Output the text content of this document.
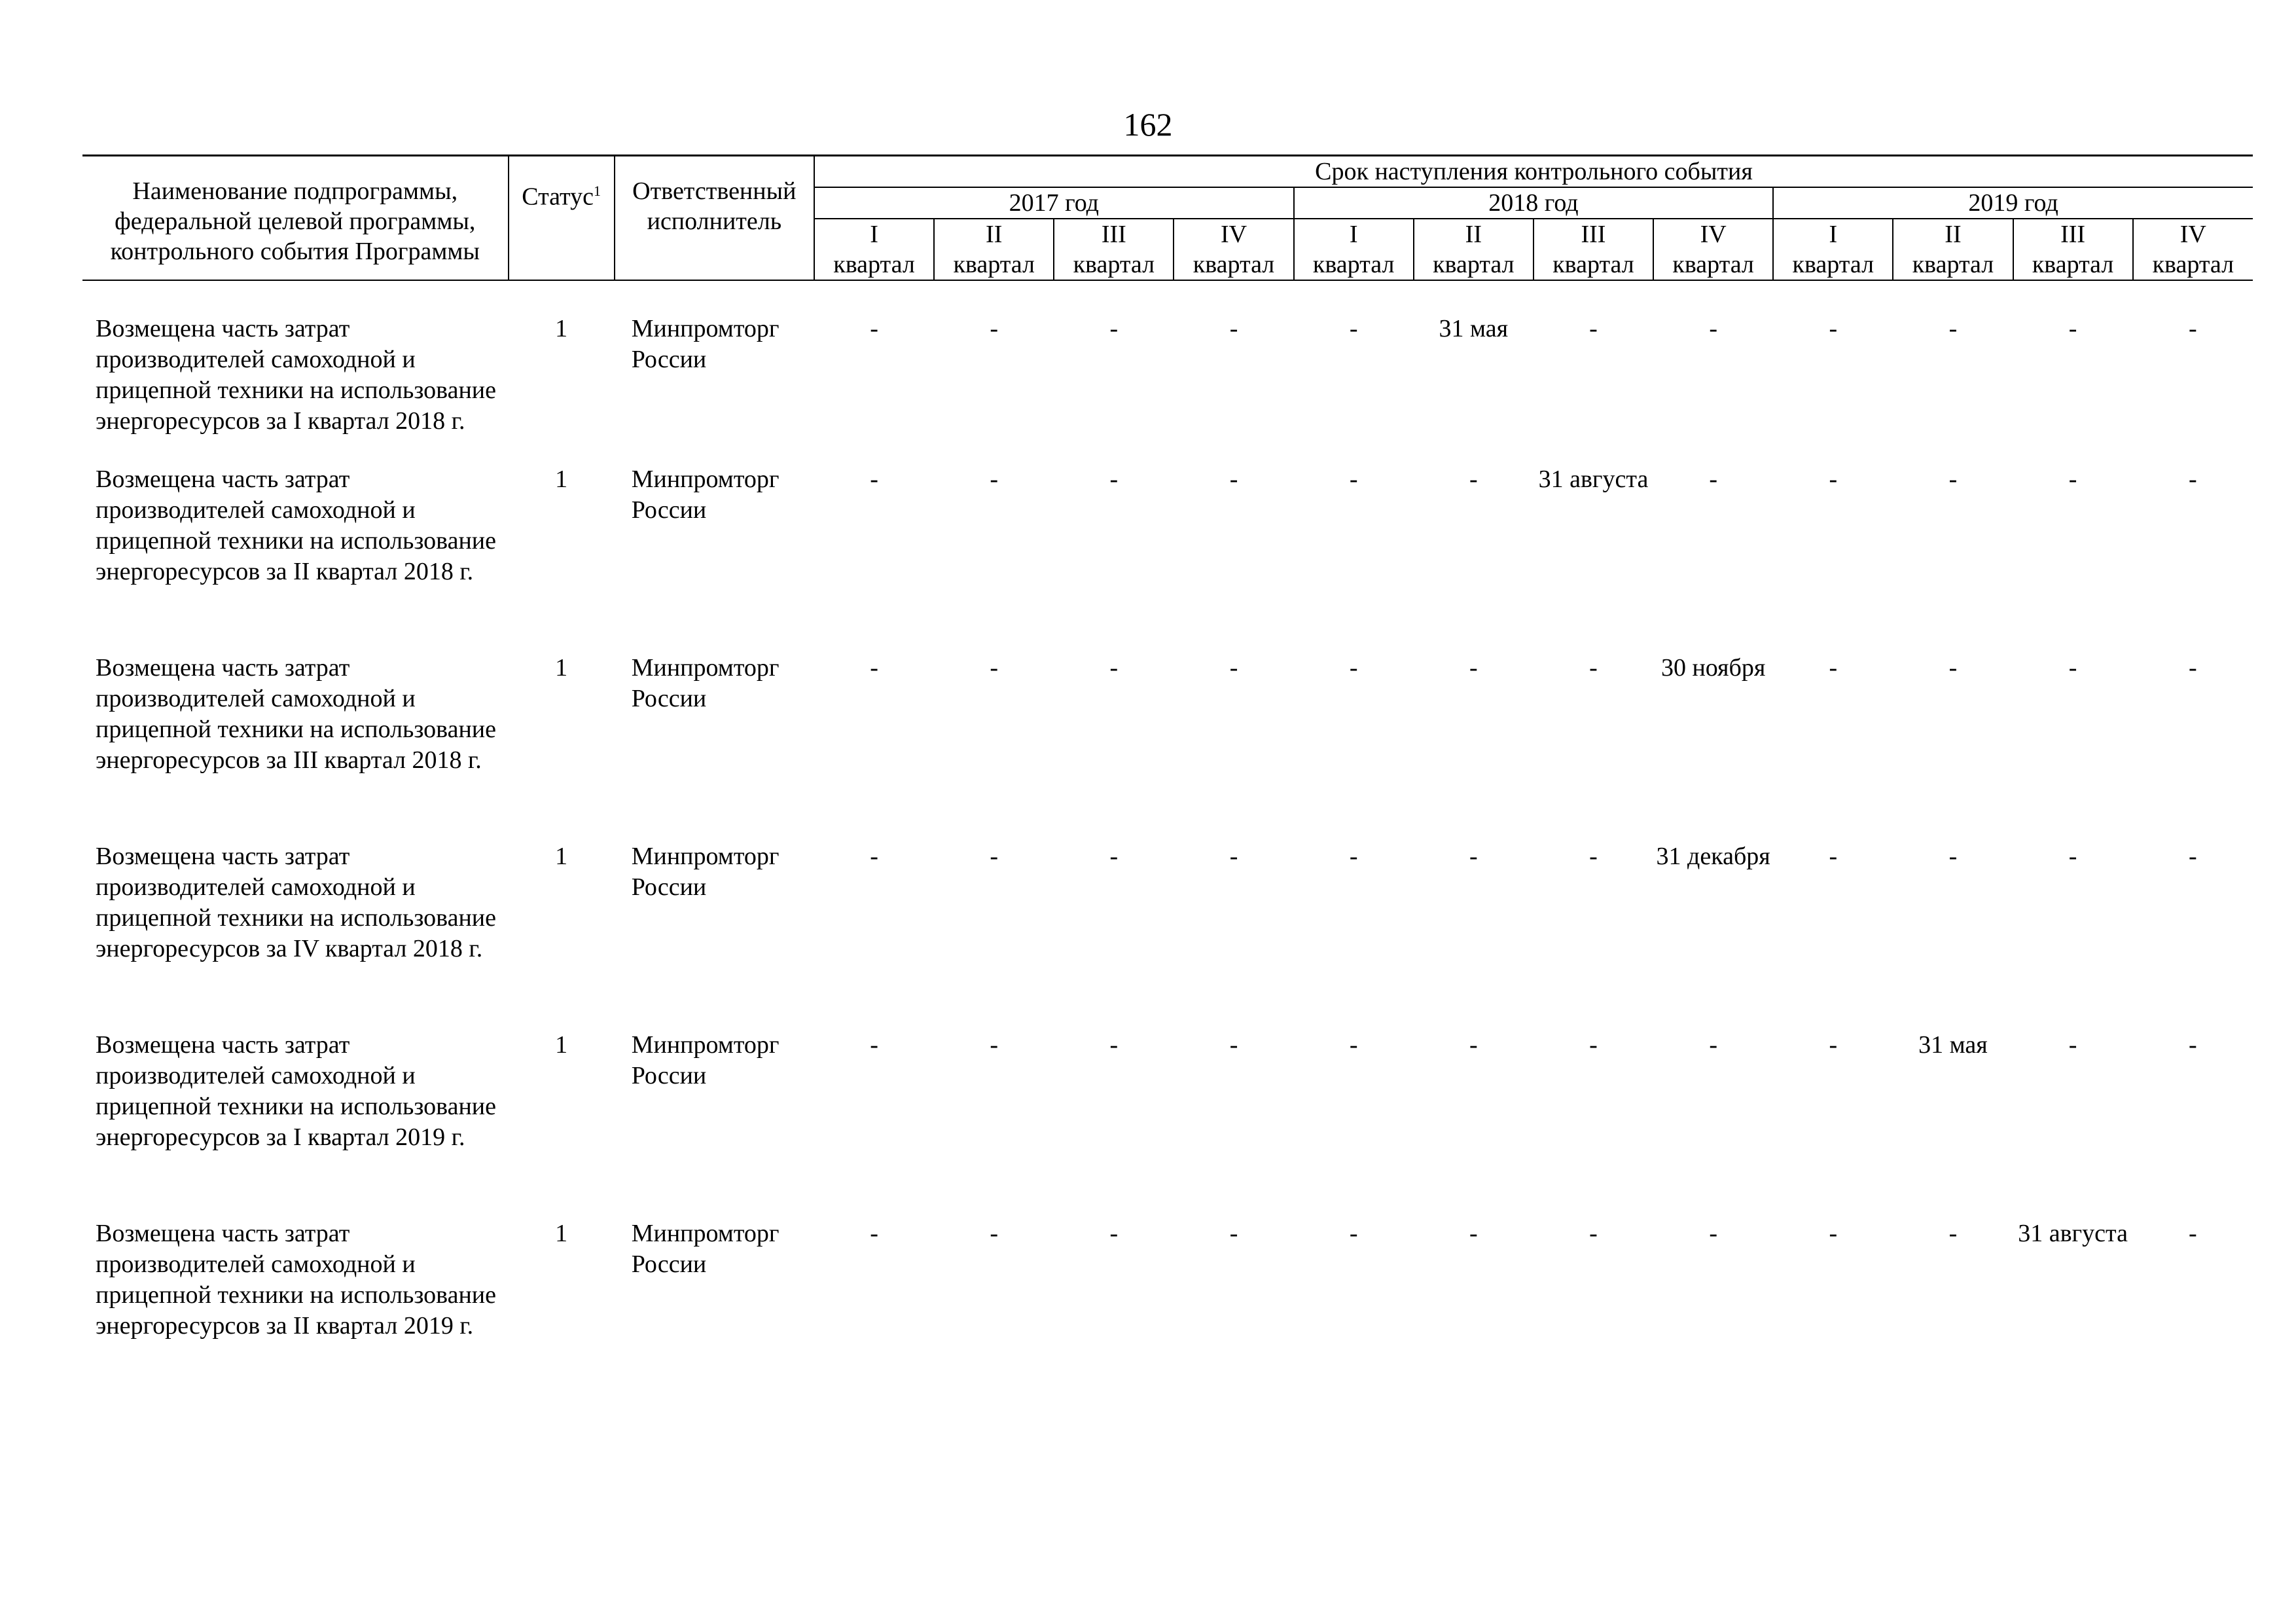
162
Наименование подпрограммы, федеральной целевой программы, контрольного события Программы	Статус$^1$	Ответственный исполнитель	Срок наступления контрольного события											
			2017 год				2018 год				2019 год			
			I	II	III	IV	I	II	III	IV	I	II	III	IV
			квартал	квартал	квартал	квартал	квартал	квартал	квартал	квартал	квартал	квартал	квартал	квартал
Возмещена часть затрат производителей самоходной и прицепной техники на использование энергоресурсов за I квартал 2018 г.	1	Минпромторг России	-	-	-	-	-	31 мая	-	-	-	-	-	-
Возмещена часть затрат производителей самоходной и прицепной техники на использование энергоресурсов за II квартал 2018 г.	1	Минпромторг России	-	-	-	-	-	-	31 августа	-	-	-	-	-
Возмещена часть затрат производителей самоходной и прицепной техники на использование энергоресурсов за III квартал 2018 г.	1	Минпромторг России	-	-	-	-	-	-	-	30 ноября	-	-	-	-
Возмещена часть затрат производителей самоходной и прицепной техники на использование энергоресурсов за IV квартал 2018 г.	1	Минпромторг России	-	-	-	-	-	-	-	31 декабря	-	-	-	-
Возмещена часть затрат производителей самоходной и прицепной техники на использование энергоресурсов за I квартал 2019 г.	1	Минпромторг России	-	-	-	-	-	-	-	-	-	31 мая	-	-
Возмещена часть затрат производителей самоходной и прицепной техники на использование энергоресурсов за II квартал 2019 г.	1	Минпромторг России	-	-	-	-	-	-	-	-	-	-	31 августа	-
